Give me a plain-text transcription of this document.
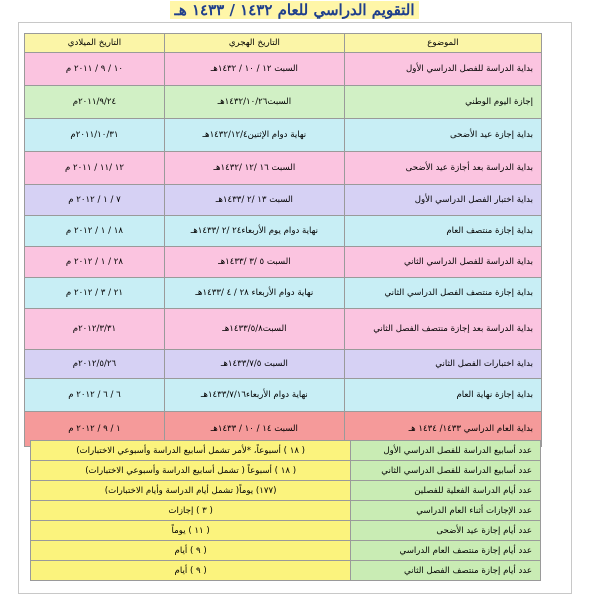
التقويم الدراسي للعام ١٤٣٢ / ١٤٣٣ هـ
الموضوع	التاريخ الهجري	التاريخ الميلادي
بداية الدراسة للفصل الدراسي الأول	السبت ١٢ / ١٠ / ١٤٣٢هـ	١٠ / ٩ / ٢٠١١ م
إجازة اليوم الوطني	السبت١٤٣٢/١٠/٢٦هـ	٢٠١١/٩/٢٤م
بداية إجازة عيد الأضحى	نهاية دوام الإثنين١٤٣٢/١٢/٤هـ	٢٠١١/١٠/٣١م
بداية الدراسة بعد أجازة عيد الأضحى	السبت ١٦ /١٢ /١٤٣٢هـ	١٢ /١١ / ٢٠١١ م
بداية اختبار الفصل الدراسي الأول	السبت ١٣ /٢ /١٤٣٣هـ	٧ / ١ / ٢٠١٢ م
بداية إجازة منتصف العام	نهاية دوام يوم الأربعاء٢٤ /٢ /١٤٣٣هـ	١٨ / ١ / ٢٠١٢ م
بداية الدراسة للفصل الدراسي الثاني	السبت ٥ /٣ /١٤٣٣هـ	٢٨ / ١ / ٢٠١٢ م
بداية إجازة منتصف الفصل الدراسي الثاني	نهاية دوام الأربعاء ٢٨ / ٤ /١٤٣٣هـ	٢١ / ٣ / ٢٠١٢ م
بداية الدراسة بعد إجازة منتصف الفصل الثاني	السبت١٤٣٣/٥/٨هـ	٢٠١٢/٣/٣١م
بداية اختبارات الفصل الثاني	السبت ١٤٣٣/٧/٥هـ	٢٠١٢/٥/٢٦م
بداية إجازة نهاية العام	نهاية دوام الأربعاء١٤٣٣/٧/١٦هـ	٦ / ٦ / ٢٠١٢ م
بداية العام الدراسي ١٤٣٣/ ١٤٣٤ هـ	السبت ١٤ / ١٠ / ١٤٣٣هـ	١ / ٩ / ٢٠١٢ م
عدد أسابيع الدراسة للفصل الدراسي الأول	( ١٨ ) أسبوعاً، *لأمر تشمل أسابيع الدراسة وأسبوعي الاختبارات)
عدد أسابيع الدراسة للفصل الدراسي الثاني	( ١٨ ) أسبوعاً ( تشمل أسابيع الدراسة وأسبوعي الاختبارات)
عدد أيام الدراسة الفعلية للفصلين	(١٧٧) يوماً( تشمل أيام الدراسة وأيام الاختبارات)
عدد الإجازات أثناء العام الدراسي	( ٣ ) إجازات
عدد أيام إجازة عيد الأضحى	( ١١ ) يوماً
عدد أيام إجازة منتصف العام الدراسي	( ٩ ) أيام
عدد أيام إجازة منتصف الفصل الثاني	( ٩ ) أيام
